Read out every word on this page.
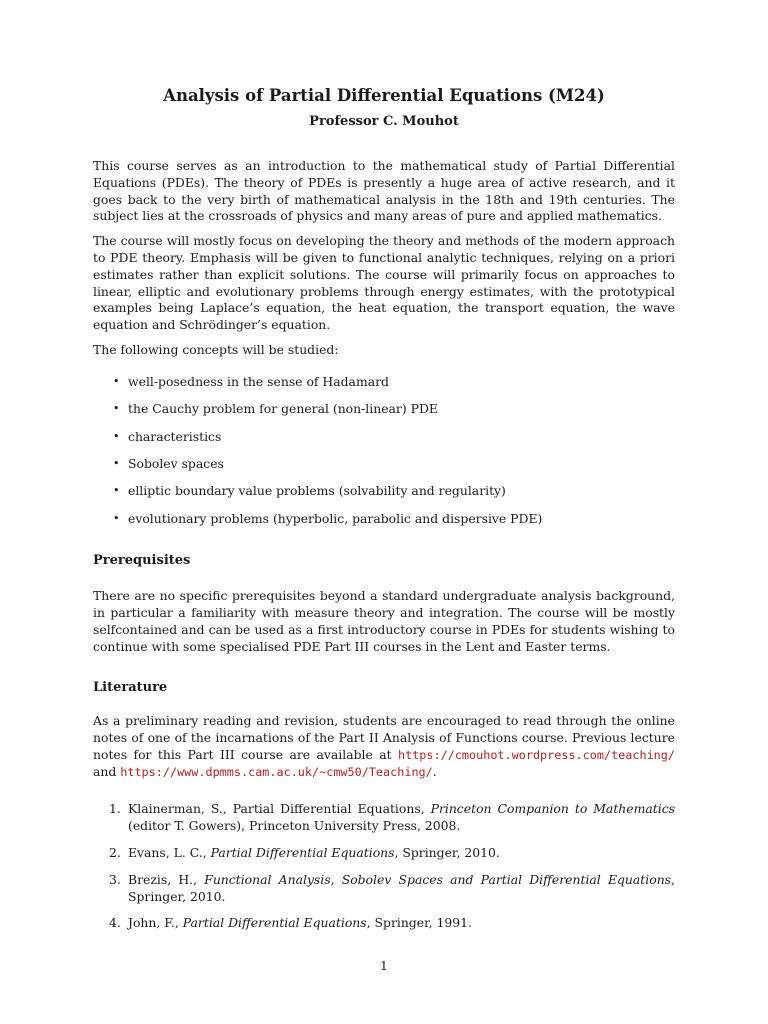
Analysis of Partial Differential Equations (M24)
Professor C. Mouhot

This course serves as an introduction to the mathematical study of Partial Differential Equations (PDEs). The theory of PDEs is presently a huge area of active research, and it goes back to the very birth of mathematical analysis in the 18th and 19th centuries. The subject lies at the crossroads of physics and many areas of pure and applied mathematics.

The course will mostly focus on developing the theory and methods of the modern approach to PDE theory. Emphasis will be given to functional analytic techniques, relying on a priori estimates rather than explicit solutions. The course will primarily focus on approaches to linear, elliptic and evolutionary problems through energy estimates, with the prototypical examples being Laplace’s equation, the heat equation, the transport equation, the wave equation and Schrödinger’s equation.

The following concepts will be studied:

• well-posedness in the sense of Hadamard
• the Cauchy problem for general (non-linear) PDE
• characteristics
• Sobolev spaces
• elliptic boundary value problems (solvability and regularity)
• evolutionary problems (hyperbolic, parabolic and dispersive PDE)
Prerequisites

There are no specific prerequisites beyond a standard undergraduate analysis background, in particular a familiarity with measure theory and integration. The course will be mostly selfcontained and can be used as a first introductory course in PDEs for students wishing to continue with some specialised PDE Part III courses in the Lent and Easter terms.

Literature

As a preliminary reading and revision, students are encouraged to read through the online notes of one of the incarnations of the Part II Analysis of Functions course. Previous lecture notes for this Part III course are available at https://cmouhot.wordpress.com/teaching/ and https://www.dpmms.cam.ac.uk/~cmw50/Teaching/.

1. Klainerman, S., Partial Differential Equations, Princeton Companion to Mathematics (editor T. Gowers), Princeton University Press, 2008.
2. Evans, L. C., Partial Differential Equations, Springer, 2010.
3. Brezis, H., Functional Analysis, Sobolev Spaces and Partial Differential Equations, Springer, 2010.
4. John, F., Partial Differential Equations, Springer, 1991.
1
